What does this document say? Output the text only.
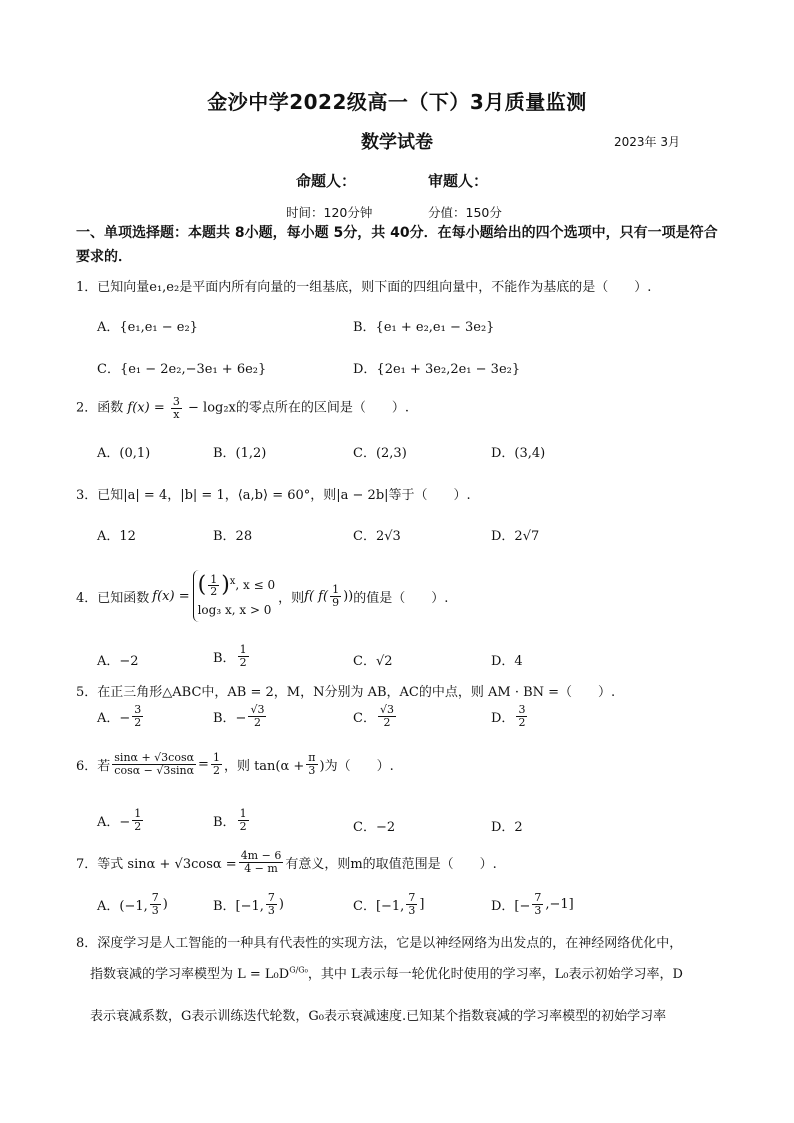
金沙中学2022级高一（下）3月质量监测
数学试卷	2023年 3月
命题人：	审题人：
时间：120分钟	分值：150分
一、单项选择题：本题共 8小题，每小题 5分，共 40分．在每小题给出的四个选项中，只有一项是符合要求的．
1．已知向量e₁,e₂是平面内所有向量的一组基底，则下面的四组向量中，不能作为基底的是（　　）.
A．{e₁,e₁ − e₂}	B．{e₁ + e₂,e₁ − 3e₂}
C．{e₁ − 2e₂,−3e₁ + 6e₂}	D．{2e₁ + 3e₂,2e₁ − 3e₂}
2．函数 $f(x) = \frac{3}{x} - \log_2x$的零点所在的区间是（　　）.
A．(0,1)	B．(1,2)	C．(2,3)	D．(3,4)
3．已知|a| = 4，|b| = 1，⟨a,b⟩ = 60°，则|a − 2b|等于（　　）.
A．12	B．28	C．2√3	D．2√7
4．已知函数 f(x) = ( $\frac{1}{2} )^x$, x ≤ 0
log₃ x, x > 0
，则 f( $f( \frac{1}{9}$ )) 的值是（　　）.
A．−2	B． $\frac{1}{2}$	C．√2	D．4
5．在正三角形△ABC中，AB = 2，M，N分别为 AB，AC的中点，则 AM · BN =（　　）.
A．− $\frac{3}{2}$	B．− $\frac{√3}{2}$	C． $\frac{√3}{2}$	D． $\frac{3}{2}$
6．若 $\frac{\sin\alpha + √3\cos\alpha}{\cos\alpha - √3\sin\alpha} = \frac{1}{2}$ ，则 $\tan(\alpha + \frac{\pi}{3}$ )为（　　）.
A．− $\frac{1}{2}$	B． $\frac{1}{2}$	C．−2	D．2
7．等式 $\sin\alpha + √3\cos\alpha = \frac{4m - 6}{4 - m}$ 有意义，则m的取值范围是（　　）.
A．(−1, $\frac{7}{3}$ )	B．[−1, $\frac{7}{3}$ )	C．[−1, $\frac{7}{3}$ ]	D．[− $\frac{7}{3} ,-1$]
8．深度学习是人工智能的一种具有代表性的实现方法，它是以神经网络为出发点的，在神经网络优化中，
指数衰减的学习率模型为 $L = L_0D^{G/G_0}$，其中 L表示每一轮优化时使用的学习率，L₀表示初始学习率，D
表示衰减系数，G表示训练迭代轮数，G₀表示衰减速度.已知某个指数衰减的学习率模型的初始学习率
